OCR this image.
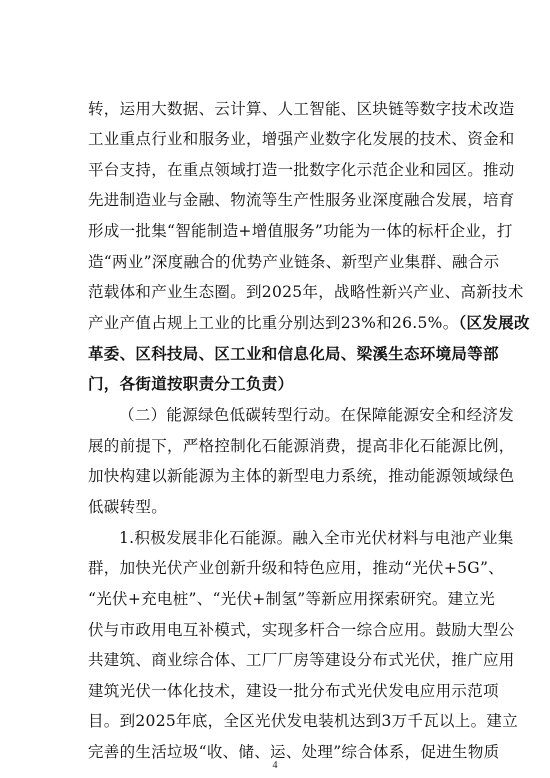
转，运用大数据、云计算、人工智能、区块链等数字技术改造
工业重点行业和服务业，增强产业数字化发展的技术、资金和
平台支持，在重点领域打造一批数字化示范企业和园区。推动
先进制造业与金融、物流等生产性服务业深度融合发展，培育
形成一批集“智能制造+增值服务”功能为一体的标杆企业，打
造“两业”深度融合的优势产业链条、新型产业集群、融合示
范载体和产业生态圈。到2025年，战略性新兴产业、高新技术
产业产值占规上工业的比重分别达到23%和26.5%。（区发展改
革委、区科技局、区工业和信息化局、梁溪生态环境局等部
门，各街道按职责分工负责）
（二）能源绿色低碳转型行动。在保障能源安全和经济发
展的前提下，严格控制化石能源消费，提高非化石能源比例，
加快构建以新能源为主体的新型电力系统，推动能源领域绿色
低碳转型。
1.积极发展非化石能源。融入全市光伏材料与电池产业集
群，加快光伏产业创新升级和特色应用，推动“光伏+5G”、
“光伏+充电桩”、“光伏+制氢”等新应用探索研究。建立光
伏与市政用电互补模式，实现多杆合一综合应用。鼓励大型公
共建筑、商业综合体、工厂厂房等建设分布式光伏，推广应用
建筑光伏一体化技术，建设一批分布式光伏发电应用示范项
目。到2025年底，全区光伏发电装机达到3万千瓦以上。建立
完善的生活垃圾“收、储、运、处理”综合体系，促进生物质
4
